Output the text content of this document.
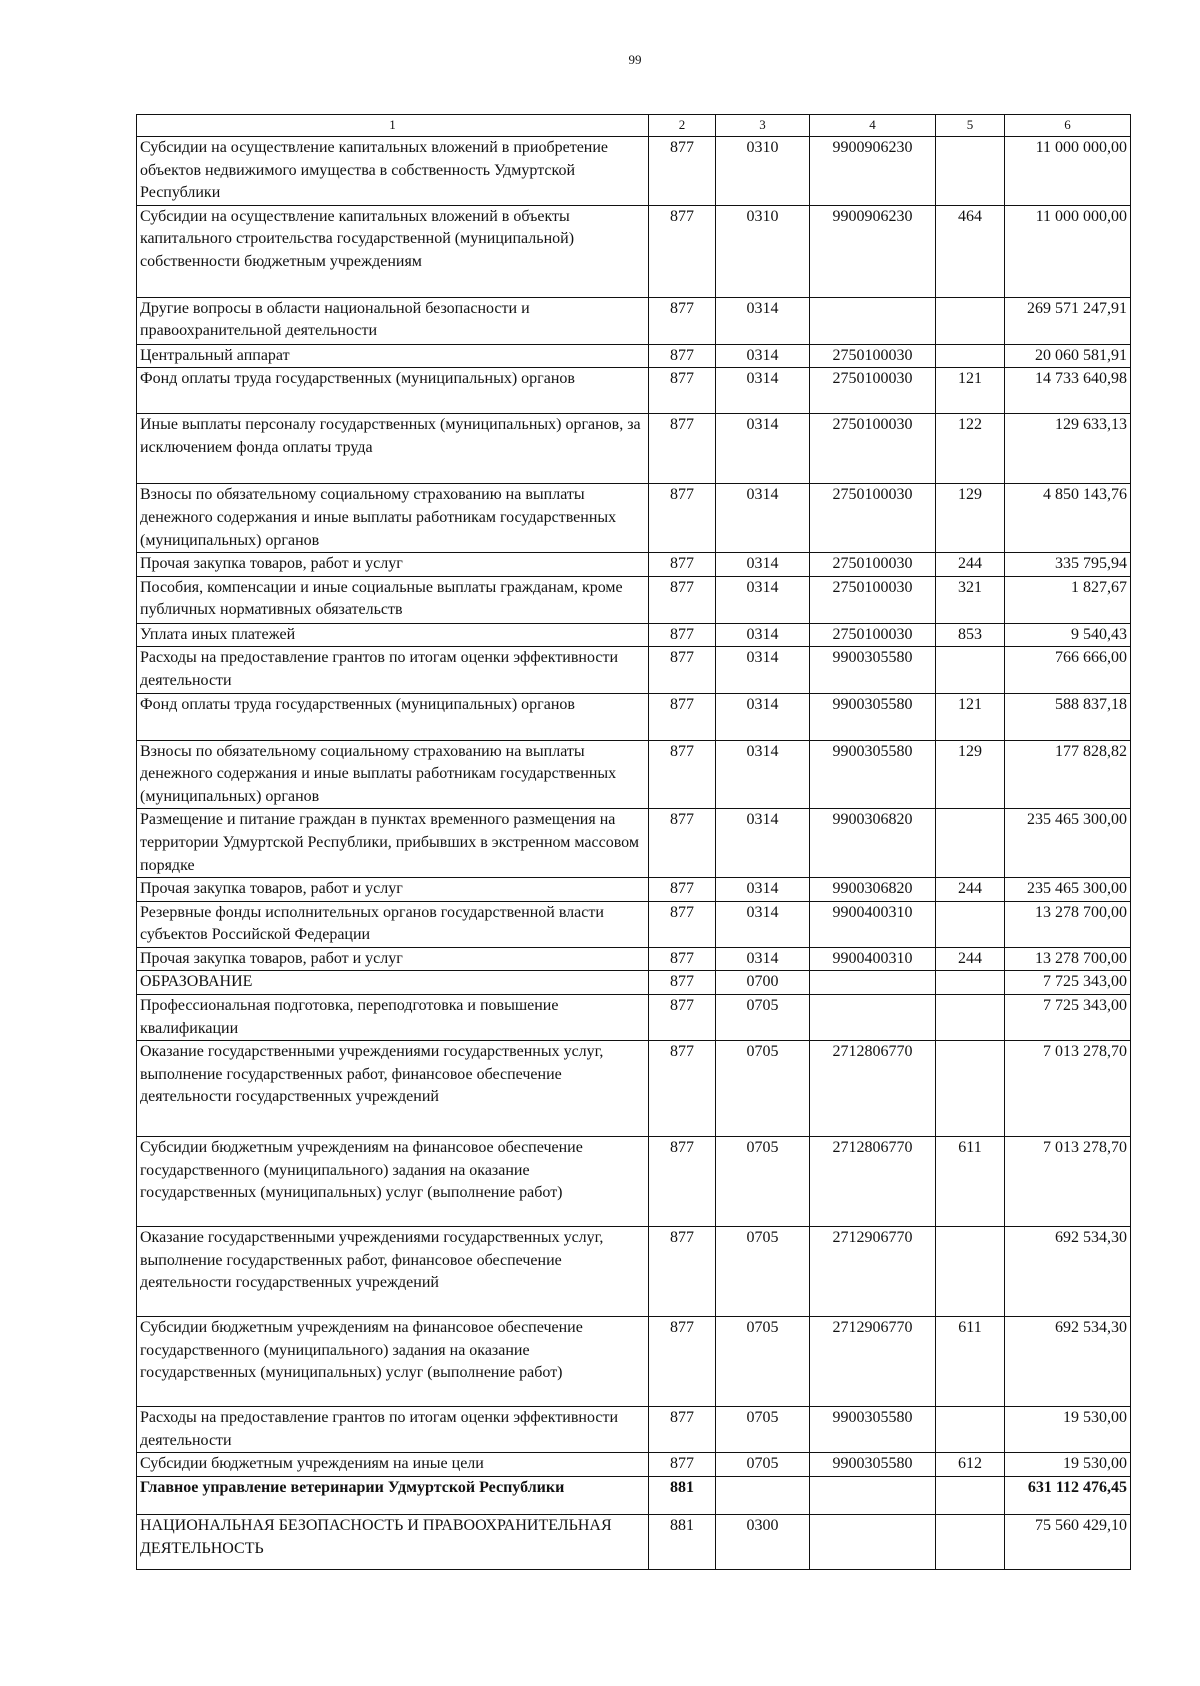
99
1	2	3	4	5	6
Субсидии на осуществление капитальных вложений в приобретение объектов недвижимого имущества в собственность Удмуртской Республики	877	0310	9900906230		11 000 000,00
Субсидии на осуществление капитальных вложений в объекты капитального строительства государственной (муниципальной) собственности бюджетным учреждениям	877	0310	9900906230	464	11 000 000,00
Другие вопросы в области национальной безопасности и правоохранительной деятельности	877	0314			269 571 247,91
Центральный аппарат	877	0314	2750100030		20 060 581,91
Фонд оплаты труда государственных (муниципальных) органов	877	0314	2750100030	121	14 733 640,98
Иные выплаты персоналу государственных (муниципальных) органов, за исключением фонда оплаты труда	877	0314	2750100030	122	129 633,13
Взносы по обязательному социальному страхованию на выплаты денежного содержания и иные выплаты работникам государственных (муниципальных) органов	877	0314	2750100030	129	4 850 143,76
Прочая закупка товаров, работ и услуг	877	0314	2750100030	244	335 795,94
Пособия, компенсации и иные социальные выплаты гражданам, кроме публичных нормативных обязательств	877	0314	2750100030	321	1 827,67
Уплата иных платежей	877	0314	2750100030	853	9 540,43
Расходы на предоставление грантов по итогам оценки эффективности деятельности	877	0314	9900305580		766 666,00
Фонд оплаты труда государственных (муниципальных) органов	877	0314	9900305580	121	588 837,18
Взносы по обязательному социальному страхованию на выплаты денежного содержания и иные выплаты работникам государственных (муниципальных) органов	877	0314	9900305580	129	177 828,82
Размещение и питание граждан в пунктах временного размещения на территории Удмуртской Республики, прибывших в экстренном массовом порядке	877	0314	9900306820		235 465 300,00
Прочая закупка товаров, работ и услуг	877	0314	9900306820	244	235 465 300,00
Резервные фонды исполнительных органов государственной власти субъектов Российской Федерации	877	0314	9900400310		13 278 700,00
Прочая закупка товаров, работ и услуг	877	0314	9900400310	244	13 278 700,00
ОБРАЗОВАНИЕ	877	0700			7 725 343,00
Профессиональная подготовка, переподготовка и повышение квалификации	877	0705			7 725 343,00
Оказание государственными учреждениями государственных услуг, выполнение государственных работ, финансовое обеспечение деятельности государственных учреждений	877	0705	2712806770		7 013 278,70
Субсидии бюджетным учреждениям на финансовое обеспечение государственного (муниципального) задания на оказание государственных (муниципальных) услуг (выполнение работ)	877	0705	2712806770	611	7 013 278,70
Оказание государственными учреждениями государственных услуг, выполнение государственных работ, финансовое обеспечение деятельности государственных учреждений	877	0705	2712906770		692 534,30
Субсидии бюджетным учреждениям на финансовое обеспечение государственного (муниципального) задания на оказание государственных (муниципальных) услуг (выполнение работ)	877	0705	2712906770	611	692 534,30
Расходы на предоставление грантов по итогам оценки эффективности деятельности	877	0705	9900305580		19 530,00
Субсидии бюджетным учреждениям на иные цели	877	0705	9900305580	612	19 530,00
Главное управление ветеринарии Удмуртской Республики	881				631 112 476,45
НАЦИОНАЛЬНАЯ БЕЗОПАСНОСТЬ И ПРАВООХРАНИТЕЛЬНАЯ ДЕЯТЕЛЬНОСТЬ	881	0300			75 560 429,10
